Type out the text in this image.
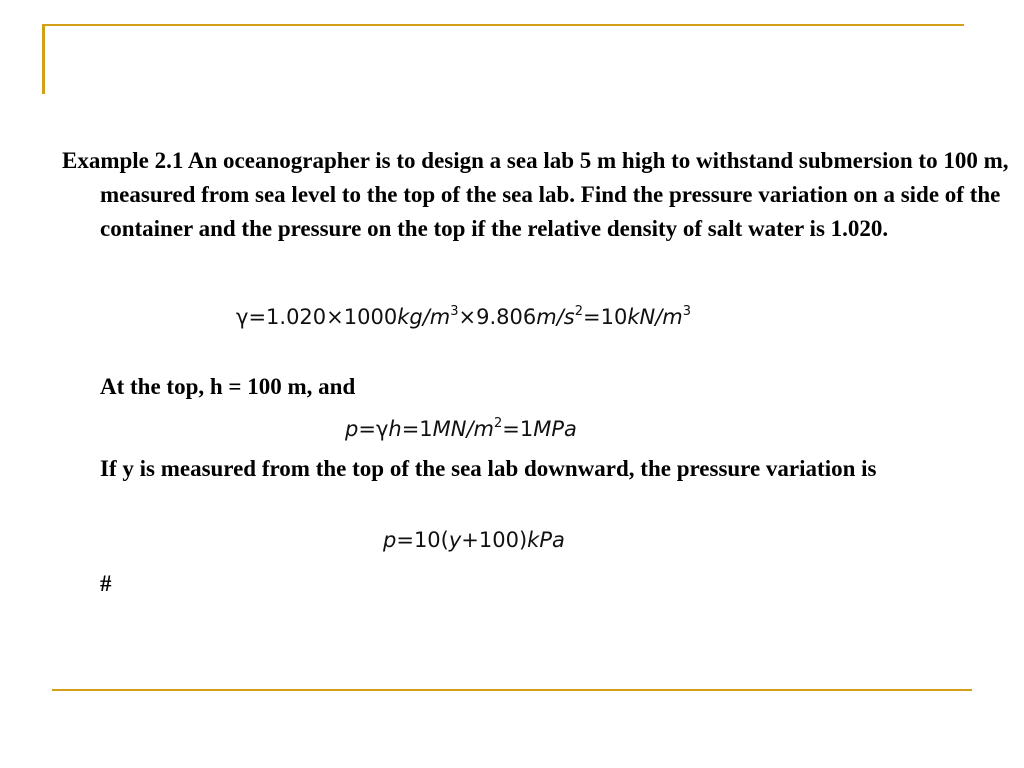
Example 2.1 An oceanographer is to design a sea lab 5 m high to withstand submersion to 100 m, measured from sea level to the top of the sea lab. Find the pressure variation on a side of the container and the pressure on the top if the relative density of salt water is 1.020.

$\gamma=1.020\times 1000kg/m^3\times 9.806m/s^2=10kN/m^3$

At the top, h = 100 m, and

$p=\gamma h=1MN/m^2=1MPa$

If y is measured from the top of the sea lab downward, the pressure variation is

p=10(y+100)kPa

#
